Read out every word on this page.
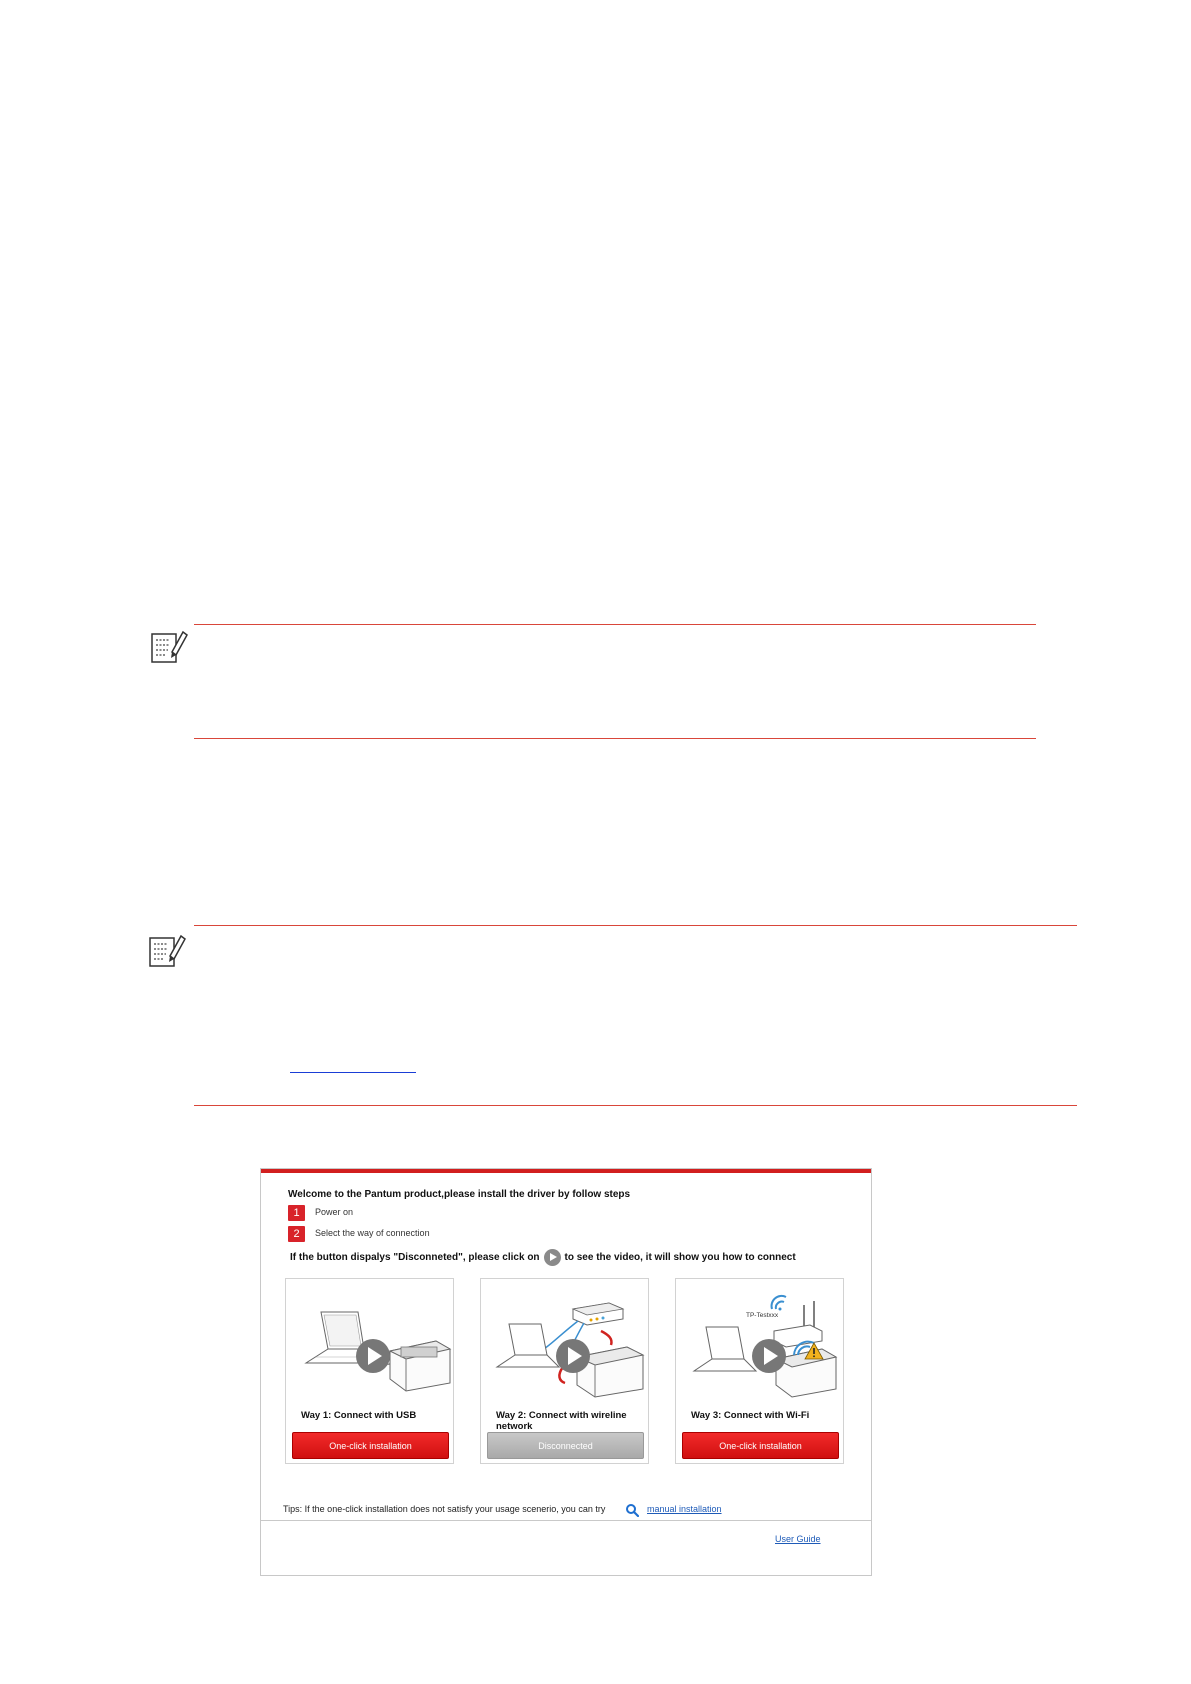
Welcome to the Pantum product,please install the driver by follow steps
1	Power on
2	Select the way of connection
If the button dispalys "Disconneted", please click on	to see the video, it will show you how to connect
Way 1: Connect with USB
One-click installation
Way 2: Connect with wireline network
Disconnected
TP-Testxxx
Way 3: Connect with Wi-Fi
One-click installation
Tips: If the one-click installation does not satisfy your usage scenerio, you can try	manual installation
User Guide
